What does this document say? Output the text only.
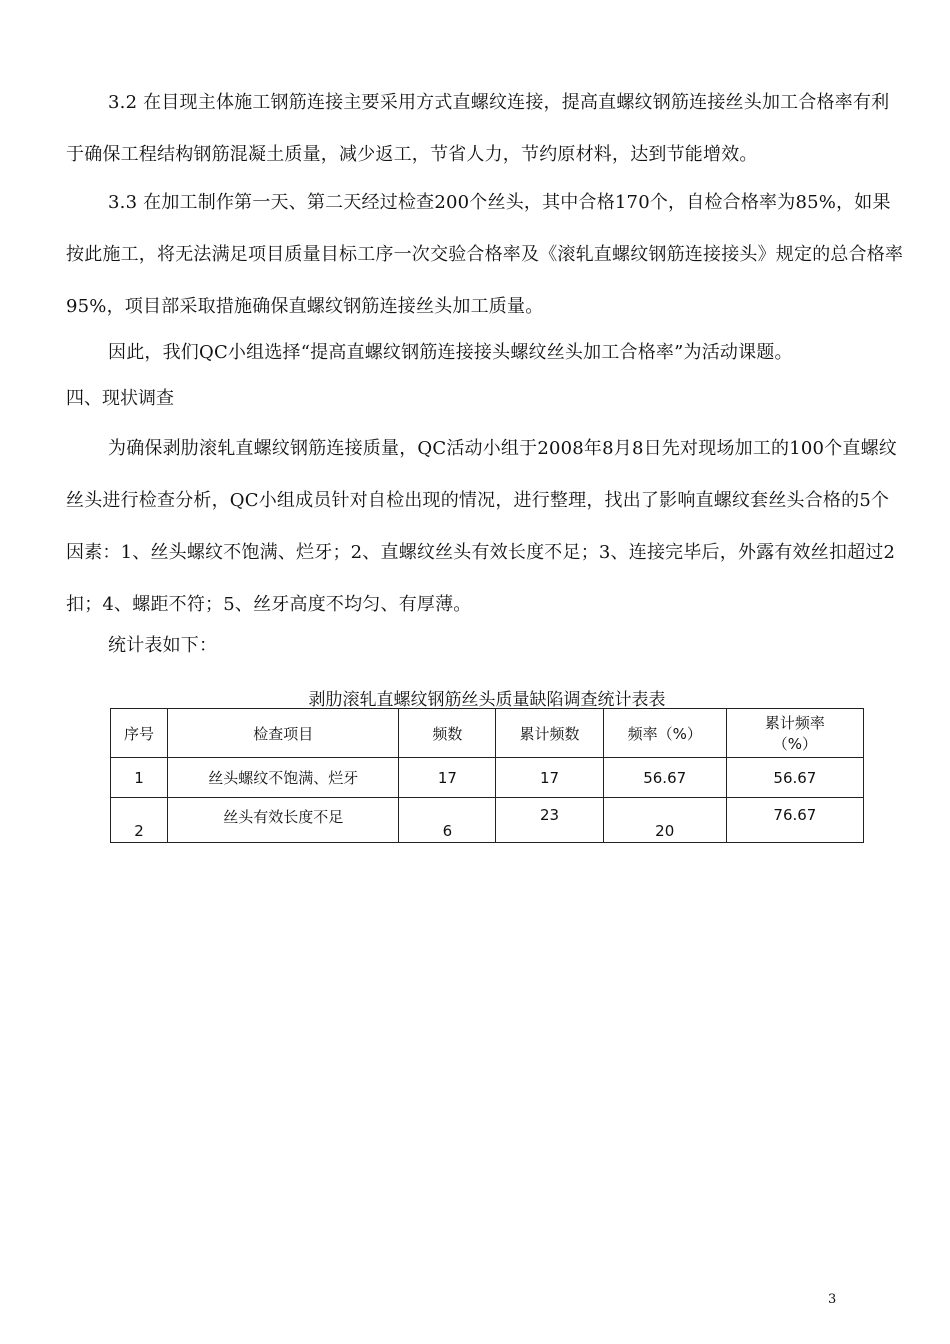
3.2 在目现主体施工钢筋连接主要采用方式直螺纹连接，提高直螺纹钢筋连接丝头加工合格率有利于确保工程结构钢筋混凝土质量，减少返工，节省人力，节约原材料，达到节能增效。

3.3 在加工制作第一天、第二天经过检查200个丝头，其中合格170个，自检合格率为85%，如果按此施工，将无法满足项目质量目标工序一次交验合格率及《滚轧直螺纹钢筋连接接头》规定的总合格率95%，项目部采取措施确保直螺纹钢筋连接丝头加工质量。

因此，我们QC小组选择“提高直螺纹钢筋连接接头螺纹丝头加工合格率”为活动课题。

四、现状调查

为确保剥肋滚轧直螺纹钢筋连接质量，QC活动小组于2008年8月8日先对现场加工的100个直螺纹丝头进行检查分析，QC小组成员针对自检出现的情况，进行整理，找出了影响直螺纹套丝头合格的5个因素：1、丝头螺纹不饱满、烂牙；2、直螺纹丝头有效长度不足；3、连接完毕后，外露有效丝扣超过2扣；4、螺距不符；5、丝牙高度不均匀、有厚薄。

统计表如下：

剥肋滚轧直螺纹钢筋丝头质量缺陷调查统计表表
序号	检查项目	频数	累计频数	频率（%）	累计频率
（%）

1	丝头螺纹不饱满、烂牙	17	17	56.67	56.67
2	丝头有效长度不足	6	23	20	76.67
3
